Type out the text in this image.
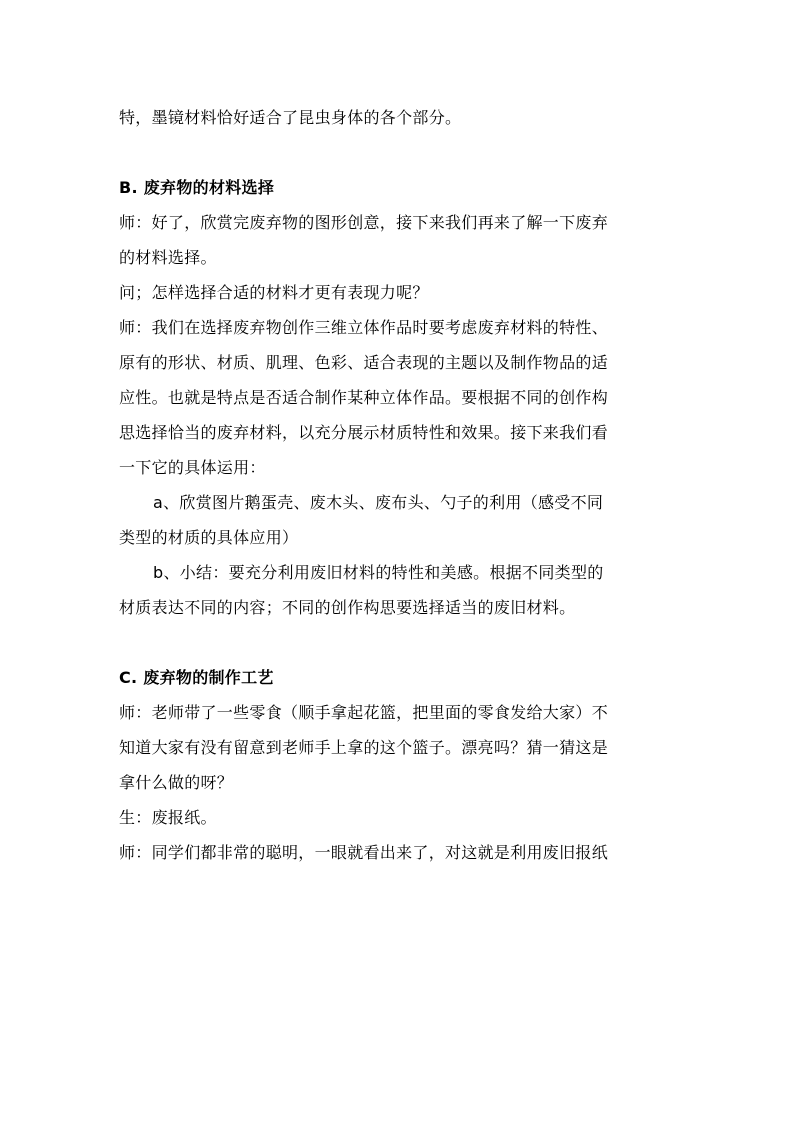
特，墨镜材料恰好适合了昆虫身体的各个部分。

B. 废弃物的材料选择

师：好了，欣赏完废弃物的图形创意，接下来我们再来了解一下废弃

的材料选择。

问；怎样选择合适的材料才更有表现力呢？

师：我们在选择废弃物创作三维立体作品时要考虑废弃材料的特性、

原有的形状、材质、肌理、色彩、适合表现的主题以及制作物品的适

应性。也就是特点是否适合制作某种立体作品。要根据不同的创作构

思选择恰当的废弃材料，以充分展示材质特性和效果。接下来我们看

一下它的具体运用：

a、欣赏图片鹅蛋壳、废木头、废布头、勺子的利用（感受不同

类型的材质的具体应用）

b、小结：要充分利用废旧材料的特性和美感。根据不同类型的

材质表达不同的内容；不同的创作构思要选择适当的废旧材料。

C. 废弃物的制作工艺

师：老师带了一些零食（顺手拿起花篮，把里面的零食发给大家）不

知道大家有没有留意到老师手上拿的这个篮子。漂亮吗？猜一猜这是

拿什么做的呀？

生：废报纸。

师：同学们都非常的聪明，一眼就看出来了，对这就是利用废旧报纸
